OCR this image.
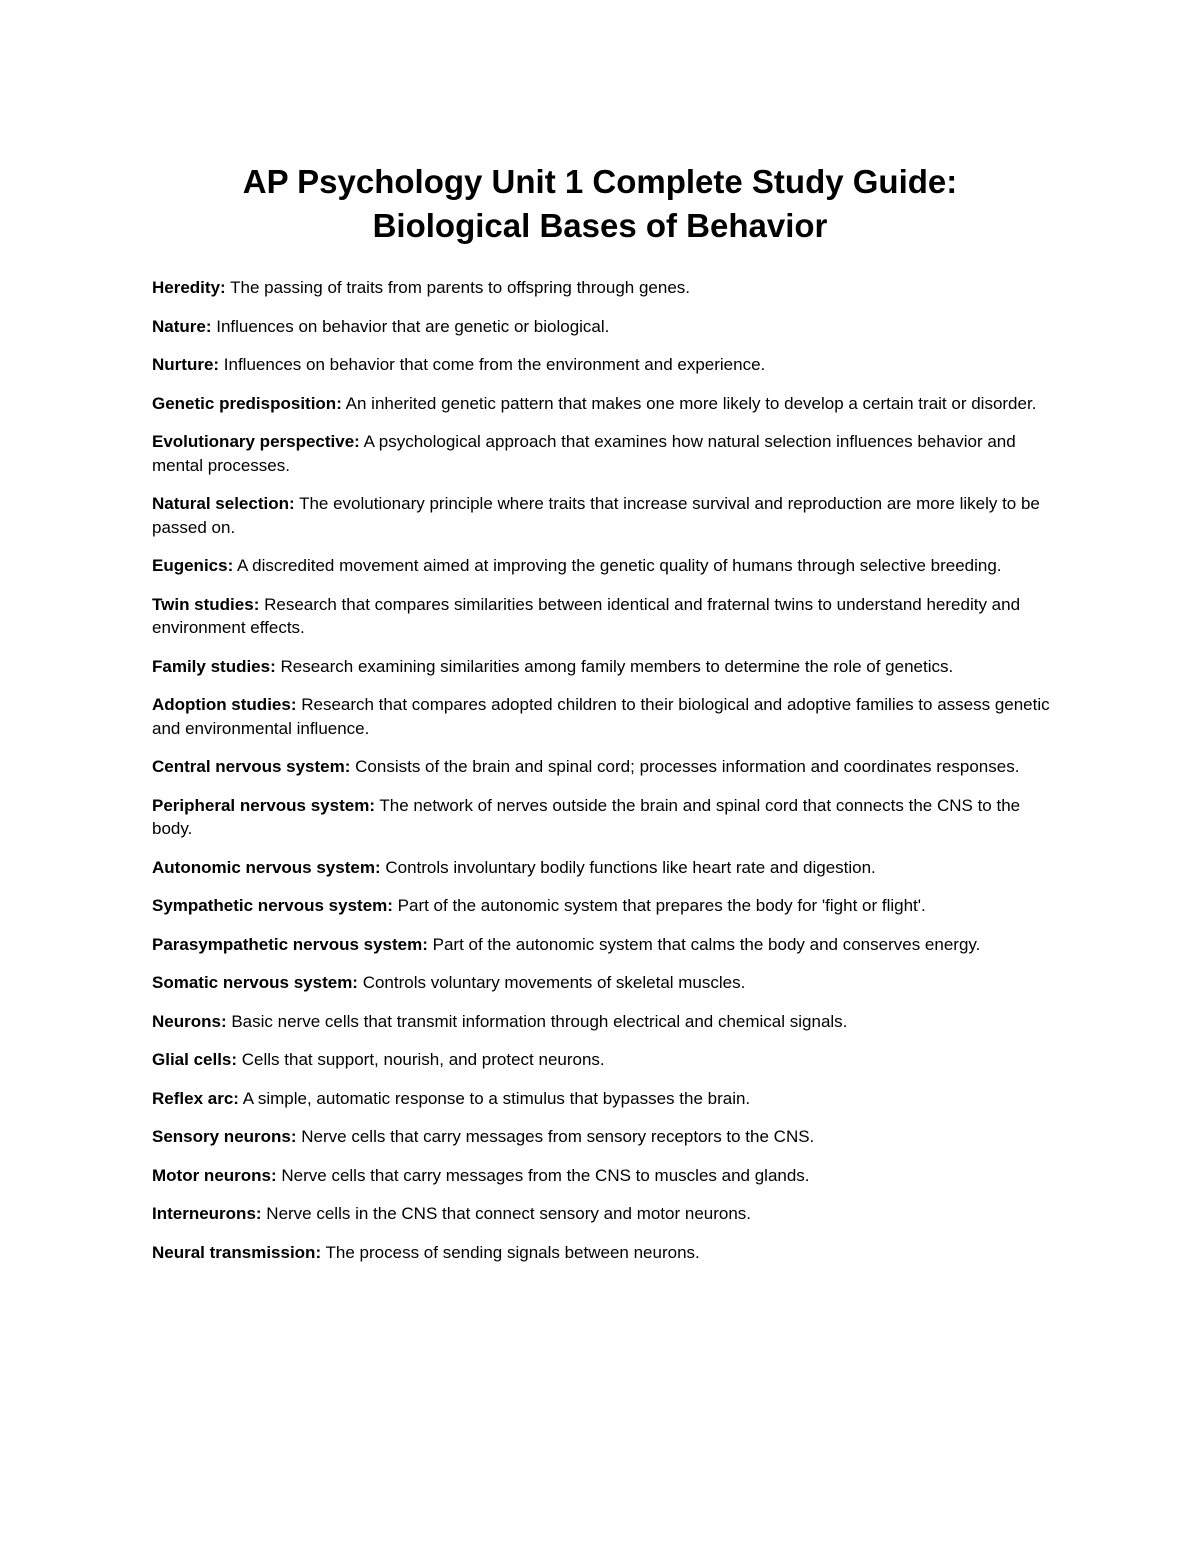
AP Psychology Unit 1 Complete Study Guide:
Biological Bases of Behavior
Heredity: The passing of traits from parents to offspring through genes.
Nature: Influences on behavior that are genetic or biological.
Nurture: Influences on behavior that come from the environment and experience.
Genetic predisposition: An inherited genetic pattern that makes one more likely to develop a certain trait or disorder.
Evolutionary perspective: A psychological approach that examines how natural selection influences behavior and mental processes.
Natural selection: The evolutionary principle where traits that increase survival and reproduction are more likely to be passed on.
Eugenics: A discredited movement aimed at improving the genetic quality of humans through selective breeding.
Twin studies: Research that compares similarities between identical and fraternal twins to understand heredity and environment effects.
Family studies: Research examining similarities among family members to determine the role of genetics.
Adoption studies: Research that compares adopted children to their biological and adoptive families to assess genetic and environmental influence.
Central nervous system: Consists of the brain and spinal cord; processes information and coordinates responses.
Peripheral nervous system: The network of nerves outside the brain and spinal cord that connects the CNS to the body.
Autonomic nervous system: Controls involuntary bodily functions like heart rate and digestion.
Sympathetic nervous system: Part of the autonomic system that prepares the body for 'fight or flight'.
Parasympathetic nervous system: Part of the autonomic system that calms the body and conserves energy.
Somatic nervous system: Controls voluntary movements of skeletal muscles.
Neurons: Basic nerve cells that transmit information through electrical and chemical signals.
Glial cells: Cells that support, nourish, and protect neurons.
Reflex arc: A simple, automatic response to a stimulus that bypasses the brain.
Sensory neurons: Nerve cells that carry messages from sensory receptors to the CNS.
Motor neurons: Nerve cells that carry messages from the CNS to muscles and glands.
Interneurons: Nerve cells in the CNS that connect sensory and motor neurons.
Neural transmission: The process of sending signals between neurons.
